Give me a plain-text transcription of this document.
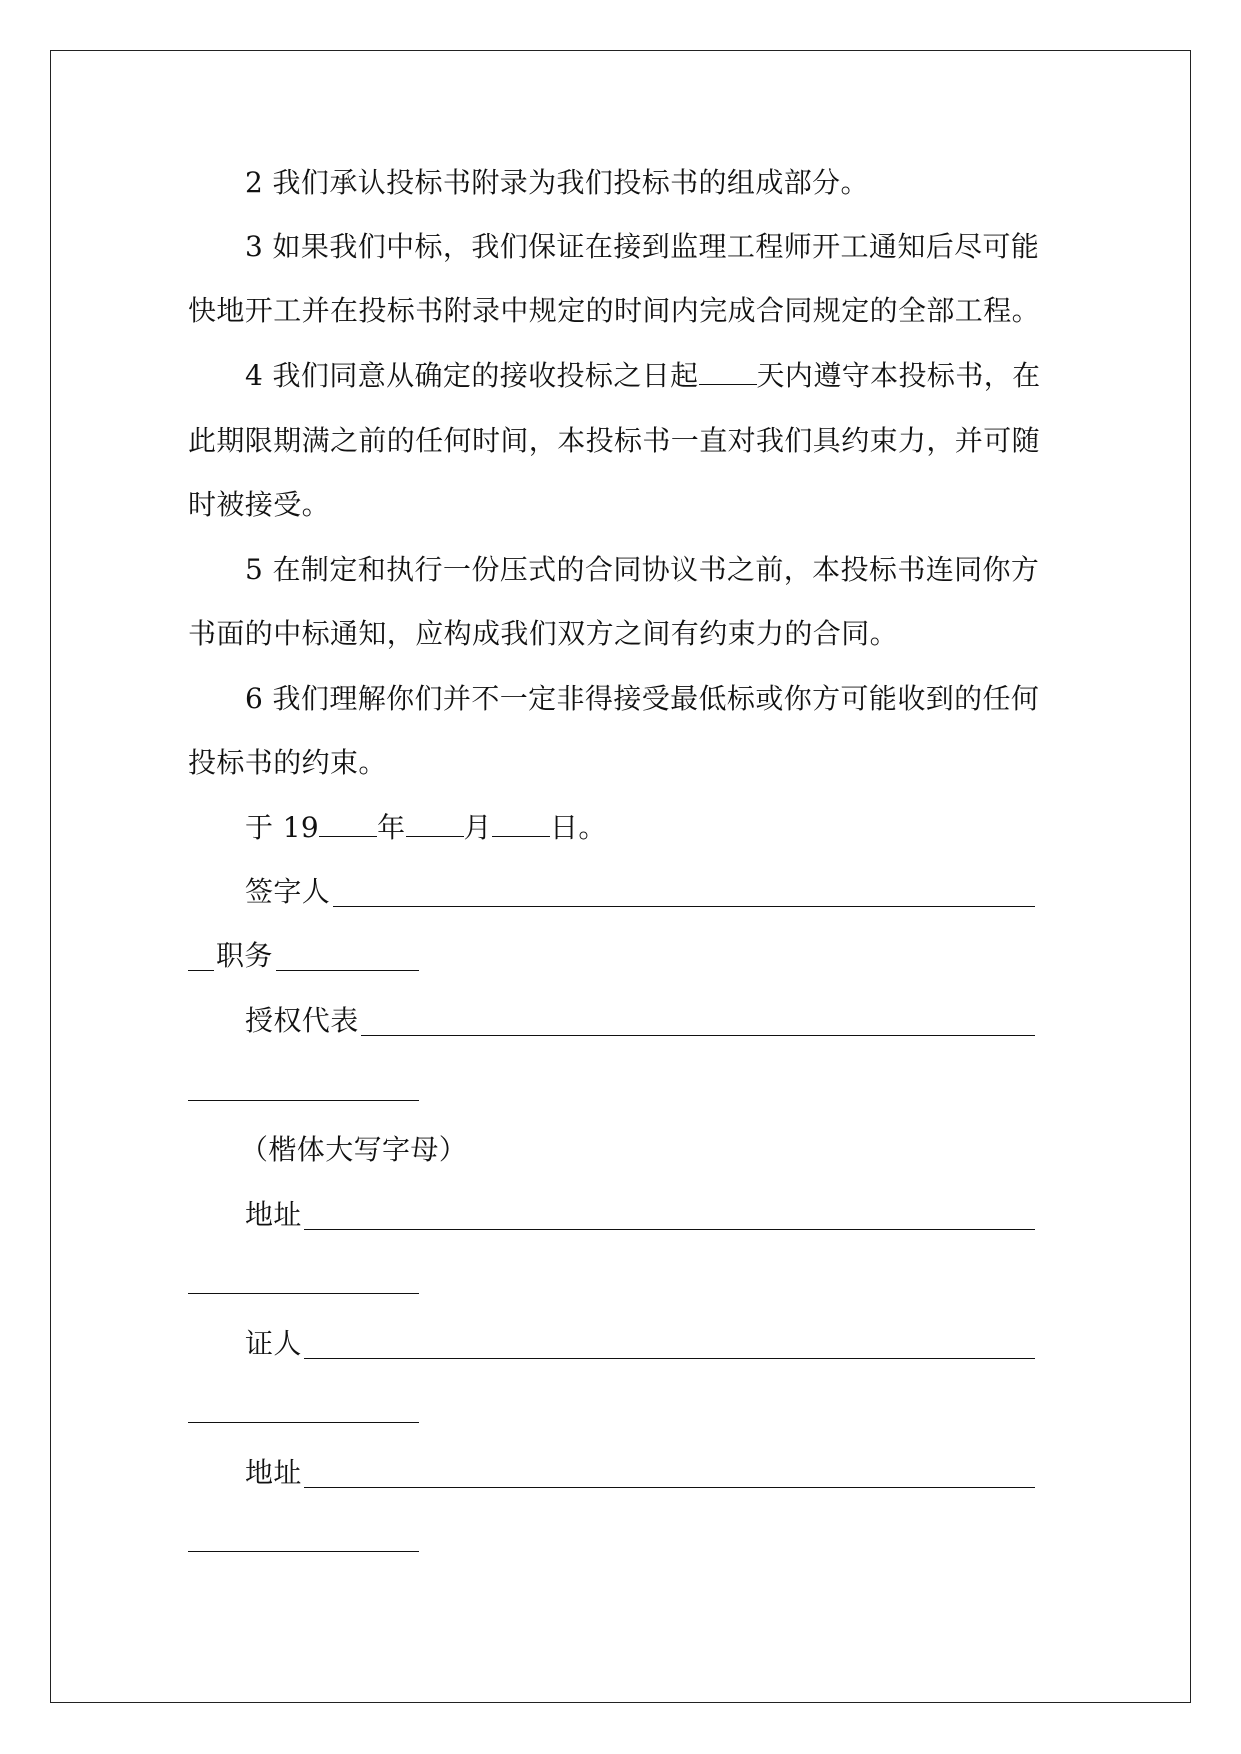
2 我们承认投标书附录为我们投标书的组成部分。
3 如果我们中标，我们保证在接到监理工程师开工通知后尽可能
快地开工并在投标书附录中规定的时间内完成合同规定的全部工程。
4 我们同意从确定的接收投标之日起 天内遵守本投标书，在
此期限期满之前的任何时间，本投标书一直对我们具约束力，并可随
时被接受。
5 在制定和执行一份压式的合同协议书之前，本投标书连同你方
书面的中标通知，应构成我们双方之间有约束力的合同。
6 我们理解你们并不一定非得接受最低标或你方可能收到的任何
投标书的约束。
于 19 年 月 日。
签字人
职务
授权代表
（楷体大写字母）
地址
证人
地址
